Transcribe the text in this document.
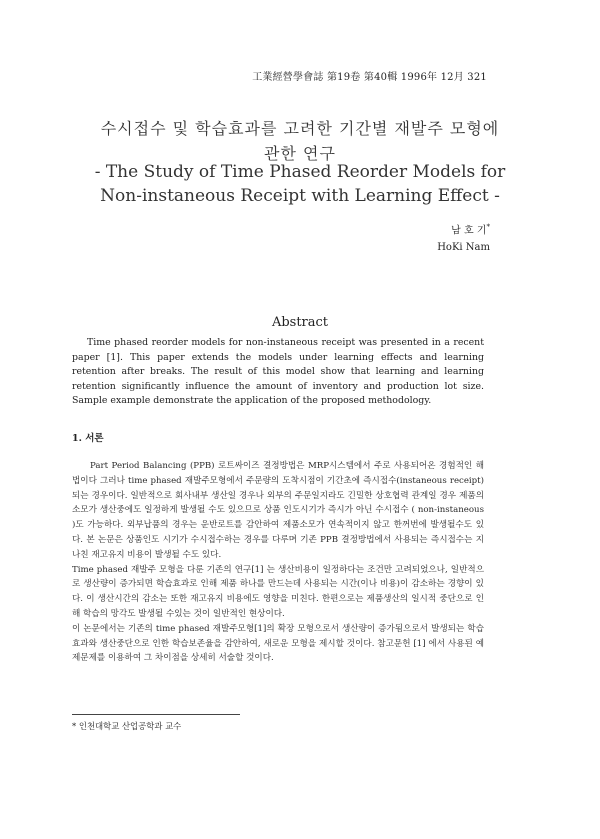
工業經營學會誌 第19卷 第40輯 1996年 12月 321
수시접수 및 학습효과를 고려한 기간별 재발주 모형에
관한 연구
- The Study of Time Phased Reorder Models for
Non-instaneous Receipt with Learning Effect -
남 호 기*
HoKi Nam
Abstract
Time phased reorder models for non-instaneous receipt was presented in a recent paper [1]. This paper extends the models under learning effects and learning retention after breaks. The result of this model show that learning and learning retention significantly influence the amount of inventory and production lot size. Sample example demonstrate the application of the proposed methodology.
1. 서론

Part Period Balancing (PPB) 로트싸이즈 결정방법은 MRP시스템에서 주로 사용되어온 경험적인 해법이다 그러나 time phased 재발주모형에서 주문량의 도착시점이 기간초에 즉시접수(instaneous receipt)되는 경우이다. 일반적으로 회사내부 생산일 경우나 외부의 주문일지라도 긴밀한 상호협력 관계일 경우 제품의 소모가 생산중에도 일정하게 발생될 수도 있으므로 상품 인도시기가 즉시가 아닌 수시접수 ( non-instaneous )도 가능하다. 외부납품의 경우는 운반로트를 감안하여 제품소모가 연속적이지 않고 한꺼번에 발생될수도 있다. 본 논문은 상품인도 시기가 수시접수하는 경우를 다루며 기존 PPB 결정방법에서 사용되는 즉시접수는 지나친 재고유지 비용이 발생될 수도 있다.

Time phased 재발주 모형을 다룬 기존의 연구[1] 는 생산비용이 일정하다는 조건만 고려되었으나, 일반적으로 생산량이 증가되면 학습효과로 인해 제품 하나를 만드는데 사용되는 시간(이나 비용)이 감소하는 경향이 있다. 이 생산시간의 감소는 또한 재고유지 비용에도 영향을 미친다. 한편으로는 제품생산의 일시적 중단으로 인해 학습의 망각도 발생될 수있는 것이 일반적인 현상이다.

이 논문에서는 기존의 time phased 재발주모형[1]의 확장 모형으로서 생산량이 증가됨으로서 발생되는 학습효과와 생산중단으로 인한 학습보존율을 감안하여, 새로운 모형을 제시할 것이다. 참고문헌 [1] 에서 사용된 예제문제를 이용하여 그 차이점을 상세히 서술할 것이다.

* 인천대학교 산업공학과 교수
